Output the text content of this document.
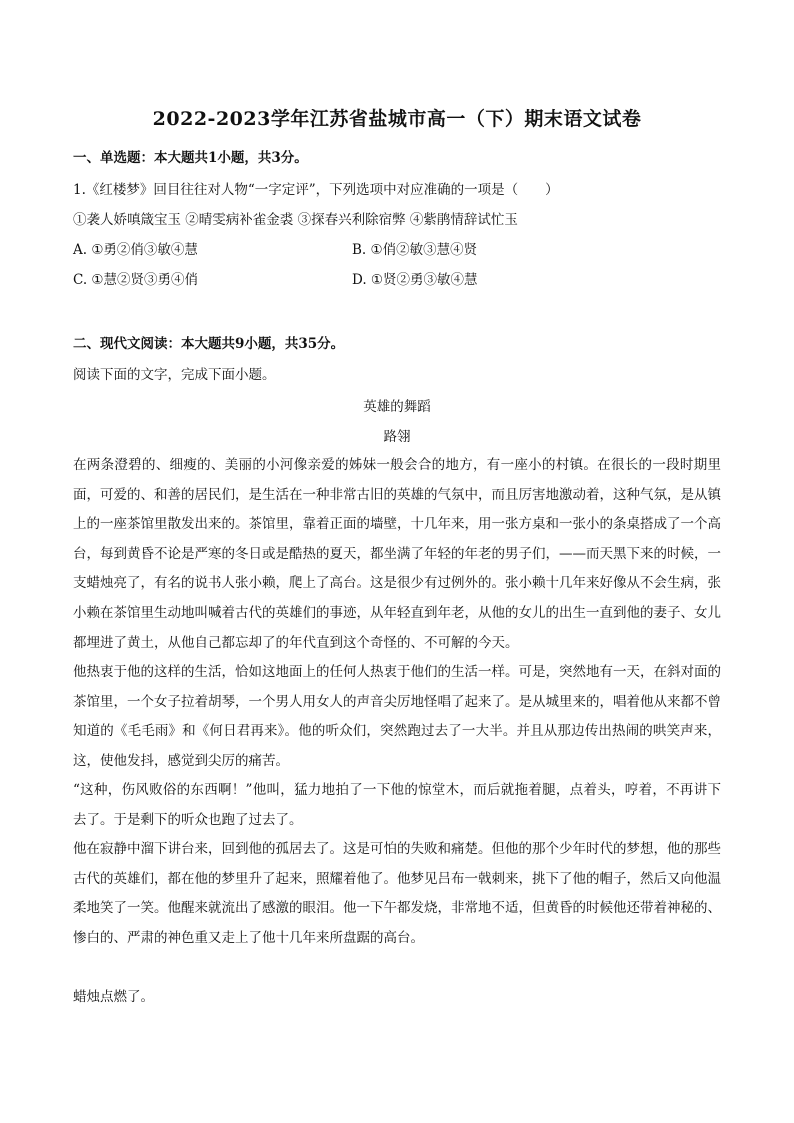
2022-2023学年江苏省盐城市高一（下）期末语文试卷
一、单选题：本大题共1小题，共3分。
1.《红楼梦》回目往往对人物“一字定评”，下列选项中对应准确的一项是（　　）
①袭人娇嗔箴宝玉 ②晴雯病补雀金裘 ③探春兴利除宿弊 ④紫鹃情辞试忙玉
A. ①勇②俏③敏④慧	B. ①俏②敏③慧④贤
C. ①慧②贤③勇④俏	D. ①贤②勇③敏④慧
二、现代文阅读：本大题共9小题，共35分。
阅读下面的文字，完成下面小题。
英雄的舞蹈
路翎
在两条澄碧的、细瘦的、美丽的小河像亲爱的姊妹一般会合的地方，有一座小的村镇。在很长的一段时期里面，可爱的、和善的居民们，是生活在一种非常古旧的英雄的气氛中，而且厉害地激动着，这种气氛，是从镇上的一座茶馆里散发出来的。茶馆里，靠着正面的墙壁，十几年来，用一张方桌和一张小的条桌搭成了一个高台，每到黄昏不论是严寒的冬日或是酷热的夏天，都坐满了年轻的年老的男子们，——而天黑下来的时候，一支蜡烛亮了，有名的说书人张小赖，爬上了高台。这是很少有过例外的。张小赖十几年来好像从不会生病，张小赖在茶馆里生动地叫喊着古代的英雄们的事迹，从年轻直到年老，从他的女儿的出生一直到他的妻子、女儿都埋进了黄土，从他自己都忘却了的年代直到这个奇怪的、不可解的今天。
他热衷于他的这样的生活，恰如这地面上的任何人热衷于他们的生活一样。可是，突然地有一天，在斜对面的茶馆里，一个女子拉着胡琴，一个男人用女人的声音尖厉地怪唱了起来了。是从城里来的，唱着他从来都不曾知道的《毛毛雨》和《何日君再来》。他的听众们，突然跑过去了一大半。并且从那边传出热闹的哄笑声来，这，使他发抖，感觉到尖厉的痛苦。
“这种，伤风败俗的东西啊！”他叫，猛力地拍了一下他的惊堂木，而后就拖着腿，点着头，哼着，不再讲下去了。于是剩下的听众也跑了过去了。
他在寂静中溜下讲台来，回到他的孤居去了。这是可怕的失败和痛楚。但他的那个少年时代的梦想，他的那些古代的英雄们，都在他的梦里升了起来，照耀着他了。他梦见吕布一戟刺来，挑下了他的帽子，然后又向他温柔地笑了一笑。他醒来就流出了感激的眼泪。他一下午都发烧，非常地不适，但黄昏的时候他还带着神秘的、惨白的、严肃的神色重又走上了他十几年来所盘踞的高台。
蜡烛点燃了。
